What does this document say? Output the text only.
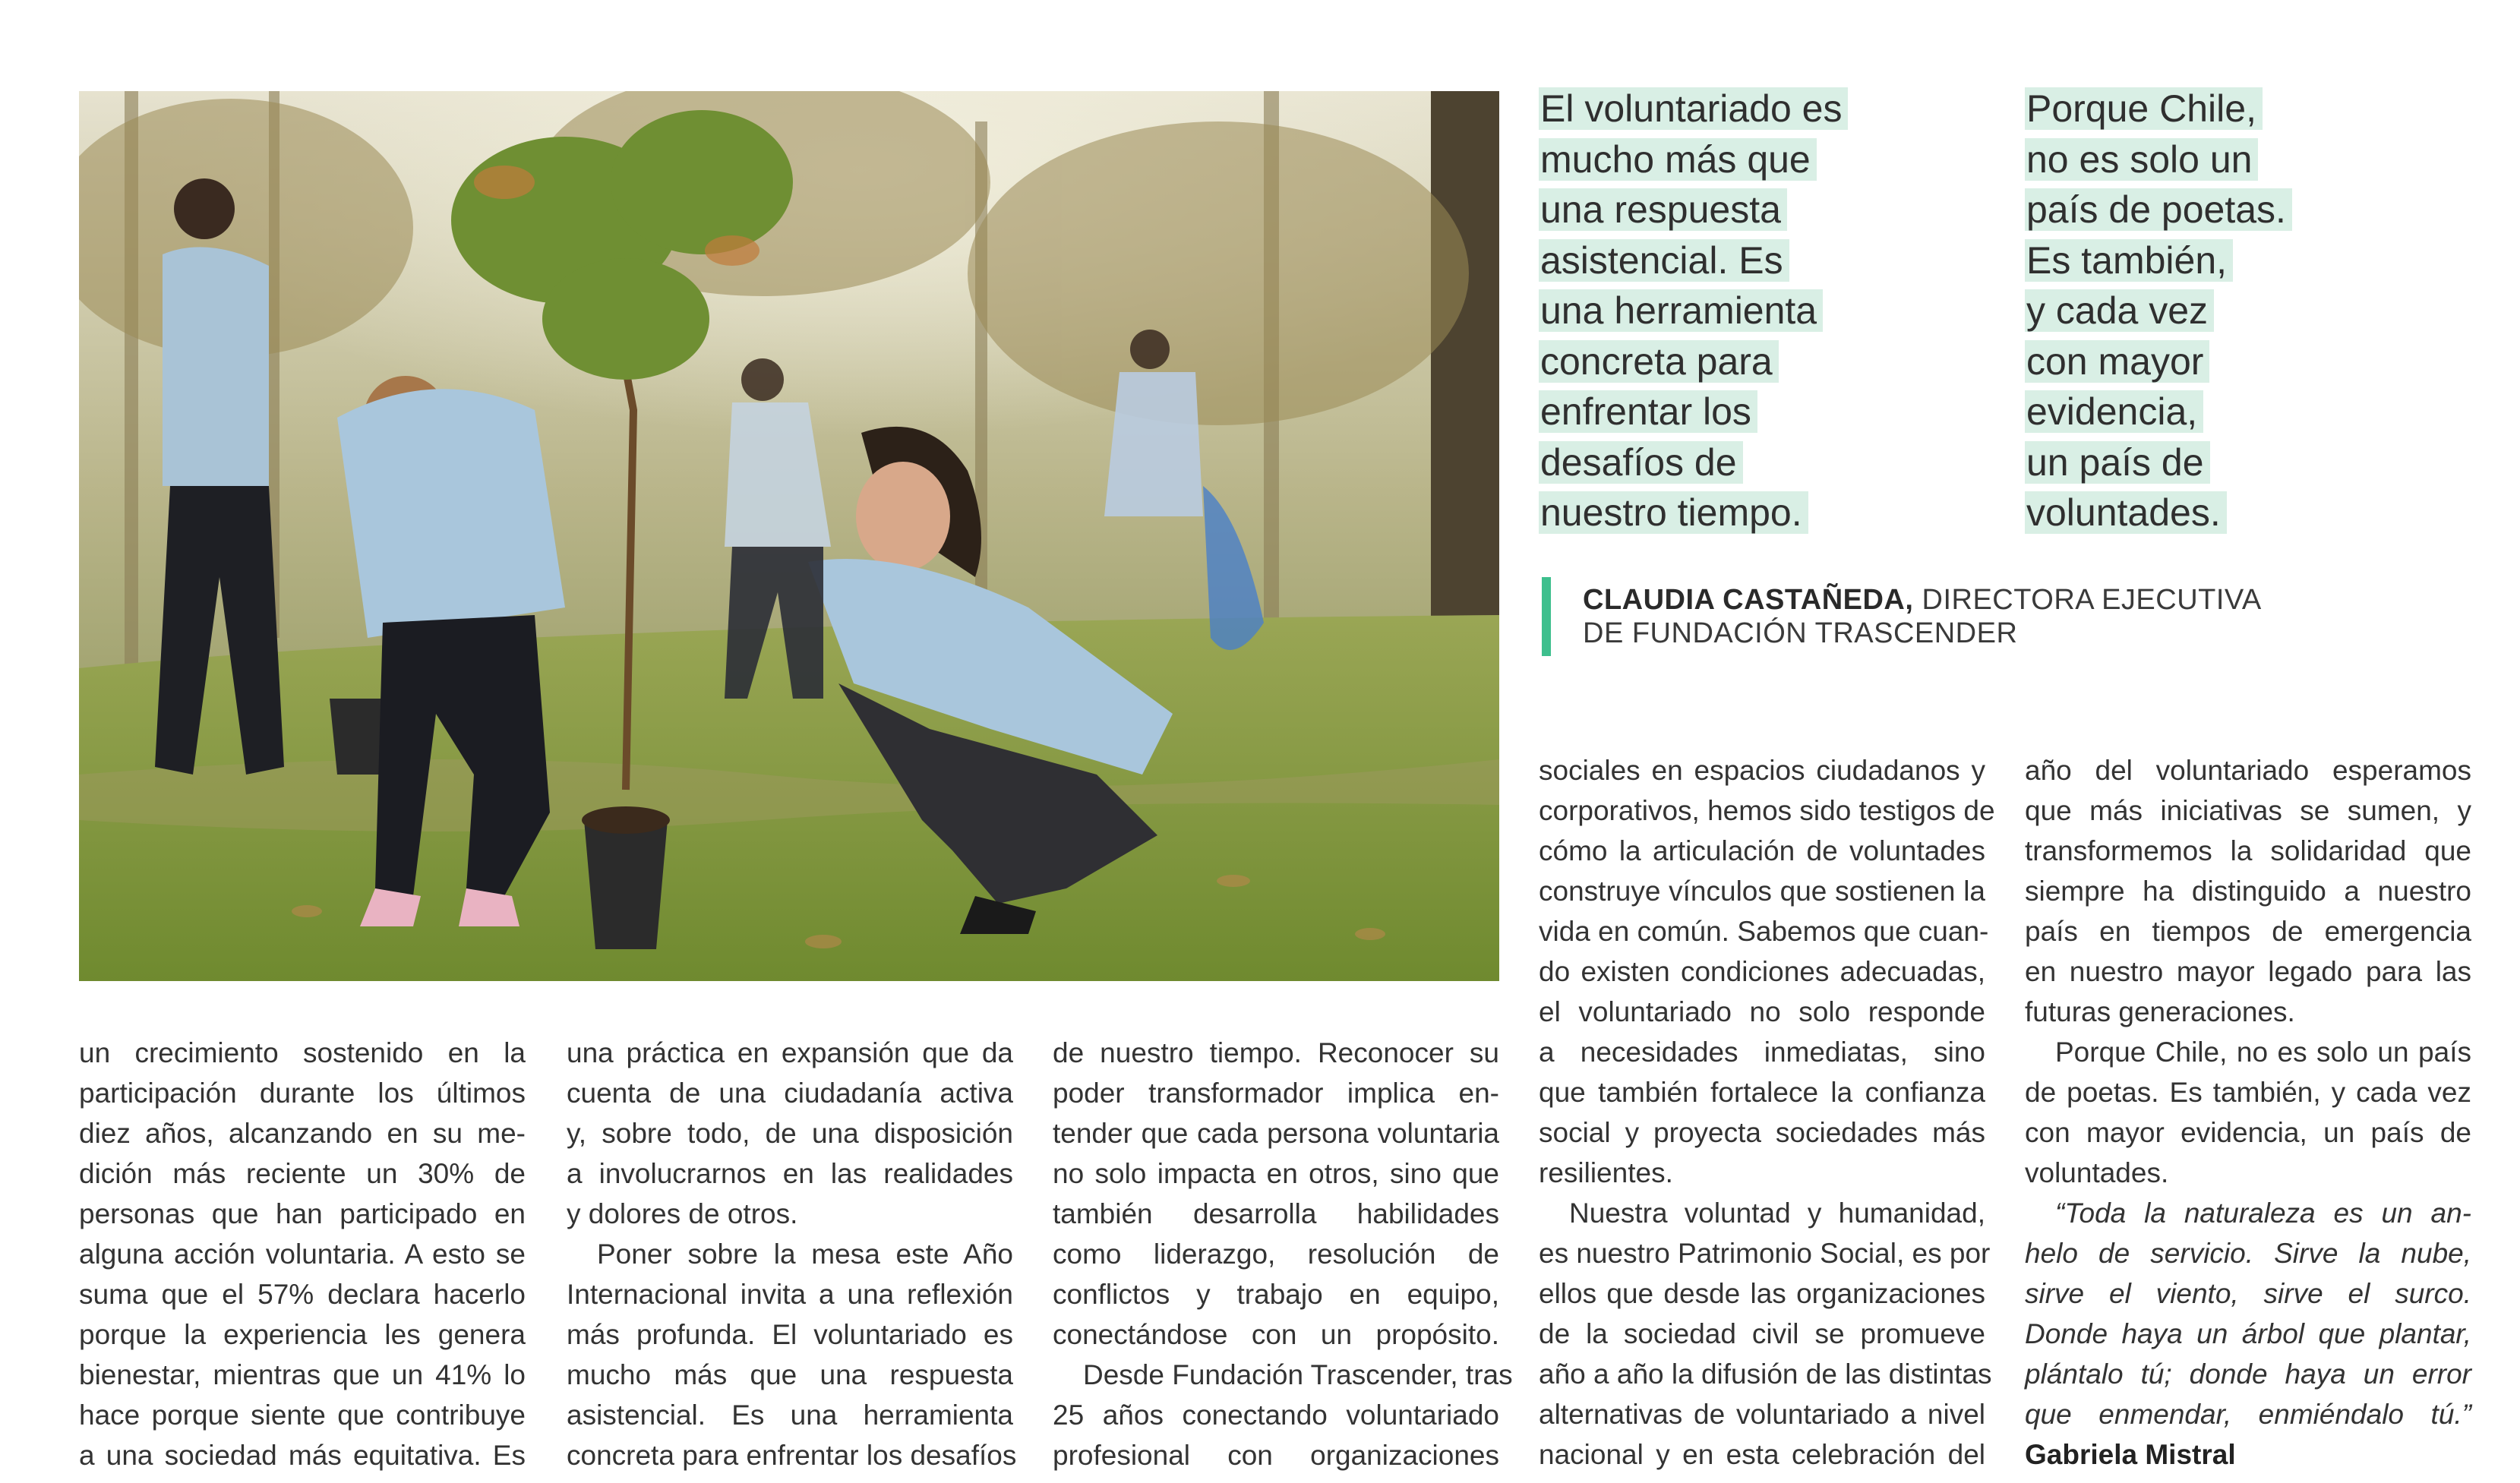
El voluntariado es
mucho más que
una respuesta
asistencial. Es
una herramienta
concreta para
enfrentar los
desafíos de
nuestro tiempo.
Porque Chile,
no es solo un
país de poetas.
Es también,
y cada vez
con mayor
evidencia,
un país de
voluntades.
CLAUDIA CASTAÑEDA, DIRECTORA EJECUTIVA
DE FUNDACIÓN TRASCENDER
un crecimiento sostenido en la
participación durante los últimos
diez años, alcanzando en su me-
dición más reciente un 30% de
personas que han participado en
alguna acción voluntaria. A esto se
suma que el 57% declara hacerlo
porque la experiencia les genera
bienestar, mientras que un 41% lo
hace porque siente que contribuye
a una sociedad más equitativa. Es
una práctica en expansión que da
cuenta de una ciudadanía activa
y, sobre todo, de una disposición
a involucrarnos en las realidades
y dolores de otros.
Poner sobre la mesa este Año
Internacional invita a una reflexión
más profunda. El voluntariado es
mucho más que una respuesta
asistencial. Es una herramienta
concreta para enfrentar los desafíos
de nuestro tiempo. Reconocer su
poder transformador implica en-
tender que cada persona voluntaria
no solo impacta en otros, sino que
también desarrolla habilidades
como liderazgo, resolución de
conflictos y trabajo en equipo,
conectándose con un propósito.
Desde Fundación Trascender, tras
25 años conectando voluntariado
profesional con organizaciones
sociales en espacios ciudadanos y
corporativos, hemos sido testigos de
cómo la articulación de voluntades
construye vínculos que sostienen la
vida en común. Sabemos que cuan-
do existen condiciones adecuadas,
el voluntariado no solo responde
a necesidades inmediatas, sino
que también fortalece la confianza
social y proyecta sociedades más
resilientes.
Nuestra voluntad y humanidad,
es nuestro Patrimonio Social, es por
ellos que desde las organizaciones
de la sociedad civil se promueve
año a año la difusión de las distintas
alternativas de voluntariado a nivel
nacional y en esta celebración del
año del voluntariado esperamos
que más iniciativas se sumen, y
transformemos la solidaridad que
siempre ha distinguido a nuestro
país en tiempos de emergencia
en nuestro mayor legado para las
futuras generaciones.
Porque Chile, no es solo un país
de poetas. Es también, y cada vez
con mayor evidencia, un país de
voluntades.
“Toda la naturaleza es un an-
helo de servicio. Sirve la nube,
sirve el viento, sirve el surco.
Donde haya un árbol que plantar,
plántalo tú; donde haya un error
que enmendar, enmiéndalo tú.”
Gabriela Mistral
